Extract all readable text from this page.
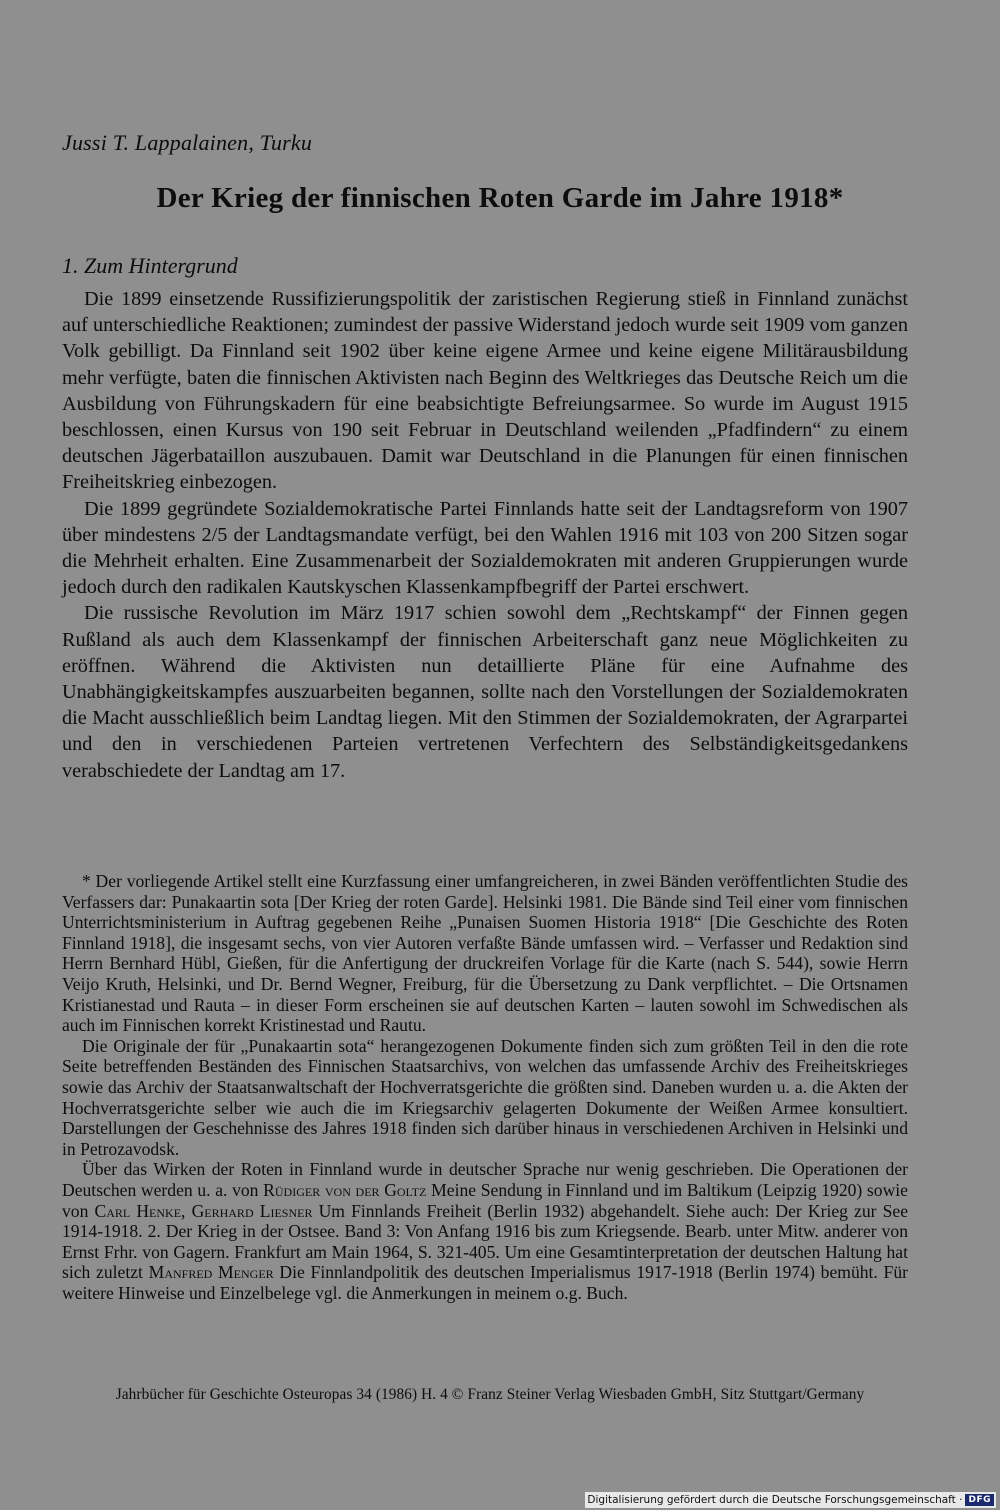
Jussi T. Lappalainen, Turku
Der Krieg der finnischen Roten Garde im Jahre 1918*
1. Zum Hintergrund

Die 1899 einsetzende Russifizierungspolitik der zaristischen Regierung stieß in Finnland zunächst auf unterschiedliche Reaktionen; zumindest der passive Widerstand jedoch wurde seit 1909 vom ganzen Volk gebilligt. Da Finnland seit 1902 über keine eigene Armee und keine eigene Militärausbildung mehr verfügte, baten die finnischen Aktivisten nach Beginn des Weltkrieges das Deutsche Reich um die Ausbildung von Führungskadern für eine beabsichtigte Befreiungsarmee. So wurde im August 1915 beschlossen, einen Kursus von 190 seit Februar in Deutschland weilenden „Pfadfindern“ zu einem deutschen Jägerbataillon auszubauen. Damit war Deutschland in die Planungen für einen finnischen Freiheitskrieg einbezogen.

Die 1899 gegründete Sozialdemokratische Partei Finnlands hatte seit der Landtagsreform von 1907 über mindestens 2/5 der Landtagsmandate verfügt, bei den Wahlen 1916 mit 103 von 200 Sitzen sogar die Mehrheit erhalten. Eine Zusammenarbeit der Sozialdemokraten mit anderen Gruppierungen wurde jedoch durch den radikalen Kautskyschen Klassenkampfbegriff der Partei erschwert.

Die russische Revolution im März 1917 schien sowohl dem „Rechtskampf“ der Finnen gegen Rußland als auch dem Klassenkampf der finnischen Arbeiterschaft ganz neue Möglichkeiten zu eröffnen. Während die Aktivisten nun detaillierte Pläne für eine Aufnahme des Unabhängigkeitskampfes auszuarbeiten begannen, sollte nach den Vorstellungen der Sozialdemokraten die Macht ausschließlich beim Landtag liegen. Mit den Stimmen der Sozialdemokraten, der Agrarpartei und den in verschiedenen Parteien vertretenen Verfechtern des Selbständigkeitsgedankens verabschiedete der Landtag am 17.

* Der vorliegende Artikel stellt eine Kurzfassung einer umfangreicheren, in zwei Bänden veröffentlichten Studie des Verfassers dar: Punakaartin sota [Der Krieg der roten Garde]. Helsinki 1981. Die Bände sind Teil einer vom finnischen Unterrichtsministerium in Auftrag gegebenen Reihe „Punaisen Suomen Historia 1918“ [Die Geschichte des Roten Finnland 1918], die insgesamt sechs, von vier Autoren verfaßte Bände umfassen wird. – Verfasser und Redaktion sind Herrn Bernhard Hübl, Gießen, für die Anfertigung der druckreifen Vorlage für die Karte (nach S. 544), sowie Herrn Veijo Kruth, Helsinki, und Dr. Bernd Wegner, Freiburg, für die Übersetzung zu Dank verpflichtet. – Die Ortsnamen Kristianestad und Rauta – in dieser Form erscheinen sie auf deutschen Karten – lauten sowohl im Schwedischen als auch im Finnischen korrekt Kristinestad und Rautu.

Die Originale der für „Punakaartin sota“ herangezogenen Dokumente finden sich zum größten Teil in den die rote Seite betreffenden Beständen des Finnischen Staatsarchivs, von welchen das umfassende Archiv des Freiheitskrieges sowie das Archiv der Staatsanwaltschaft der Hochverratsgerichte die größten sind. Daneben wurden u. a. die Akten der Hochverratsgerichte selber wie auch die im Kriegsarchiv gelagerten Dokumente der Weißen Armee konsultiert. Darstellungen der Geschehnisse des Jahres 1918 finden sich darüber hinaus in verschiedenen Archiven in Helsinki und in Petrozavodsk.

Über das Wirken der Roten in Finnland wurde in deutscher Sprache nur wenig geschrieben. Die Operationen der Deutschen werden u. a. von Rüdiger von der Goltz Meine Sendung in Finnland und im Baltikum (Leipzig 1920) sowie von Carl Henke, Gerhard Liesner Um Finnlands Freiheit (Berlin 1932) abgehandelt. Siehe auch: Der Krieg zur See 1914-1918. 2. Der Krieg in der Ostsee. Band 3: Von Anfang 1916 bis zum Kriegsende. Bearb. unter Mitw. anderer von Ernst Frhr. von Gagern. Frankfurt am Main 1964, S. 321-405. Um eine Gesamtinterpretation der deutschen Haltung hat sich zuletzt Manfred Menger Die Finnlandpolitik des deutschen Imperialismus 1917-1918 (Berlin 1974) bemüht. Für weitere Hinweise und Einzelbelege vgl. die Anmerkungen in meinem o.g. Buch.

Jahrbücher für Geschichte Osteuropas 34 (1986) H. 4 © Franz Steiner Verlag Wiesbaden GmbH, Sitz Stuttgart/Germany
Digitalisierung gefördert durch die Deutsche Forschungsgemeinschaft · DFG
